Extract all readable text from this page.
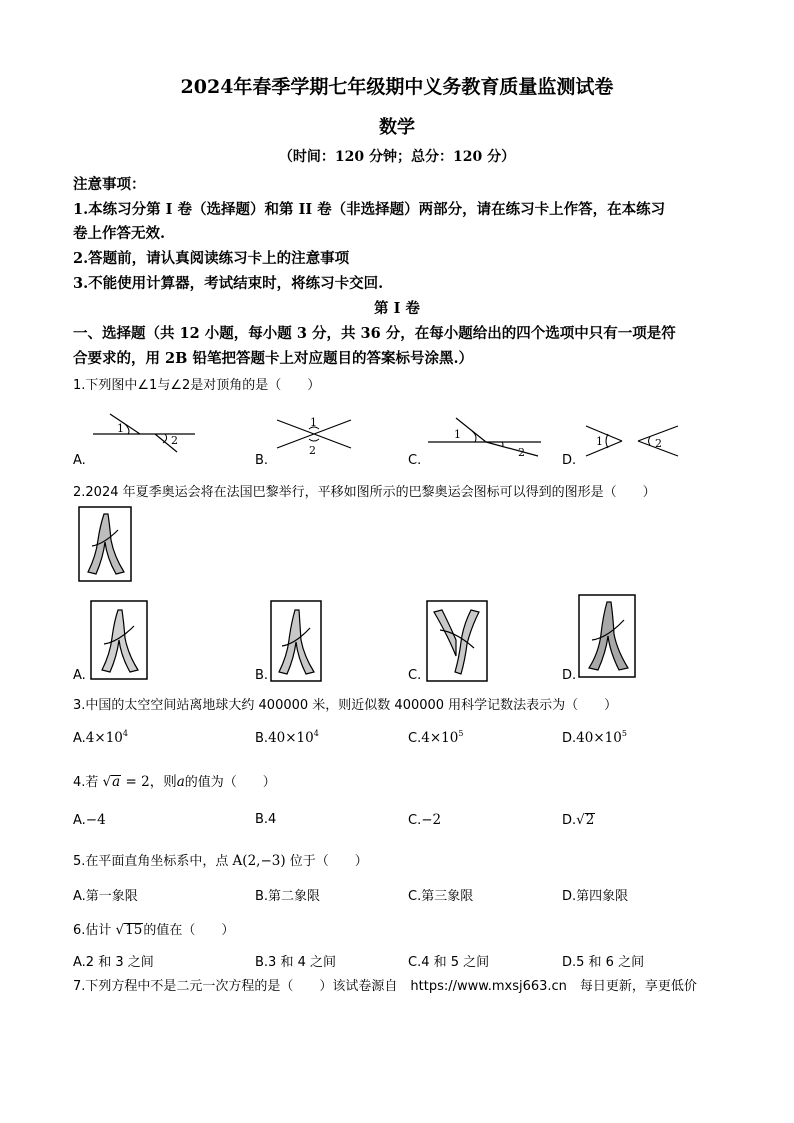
2024年春季学期七年级期中义务教育质量监测试卷
数学
（时间：120 分钟；总分：120 分）
注意事项：
1.本练习分第 I 卷（选择题）和第 II 卷（非选择题）两部分，请在练习卡上作答，在本练习
卷上作答无效.
2.答题前，请认真阅读练习卡上的注意事项
3.不能使用计算器，考试结束时，将练习卡交回.
第 I 卷
一、选择题（共 12 小题，每小题 3 分，共 36 分，在每小题给出的四个选项中只有一项是符
合要求的，用 2B 铅笔把答题卡上对应题目的答案标号涂黑.）
1.下列图中∠1与∠2是对顶角的是（　　）
1
2
A.
1
2
B.
1
2
C.
1	2
D.
2.2024 年夏季奥运会将在法国巴黎举行，平移如图所示的巴黎奥运会图标可以得到的图形是（　　）
A.	B.	C.	D.
3.中国的太空空间站离地球大约 400000 米，则近似数 400000 用科学记数法表示为（　　）
$A.4\times 10^4$	$B.40\times 10^4$	$C.4\times 10^5$	$D.40\times 10^5$
4.若 √a = 2，则a的值为（　　）
A.−4	B.4	C.−2	D.√2
5.在平面直角坐标系中，点 A(2,−3) 位于（　　）
A.第一象限	B.第二象限	C.第三象限	D.第四象限
6.估计 √15的值在（　　）
A.2 和 3 之间	B.3 和 4 之间	C.4 和 5 之间	D.5 和 6 之间
7.下列方程中不是二元一次方程的是（　　）该试卷源自　https://www.mxsj663.cn　每日更新，享更低价
